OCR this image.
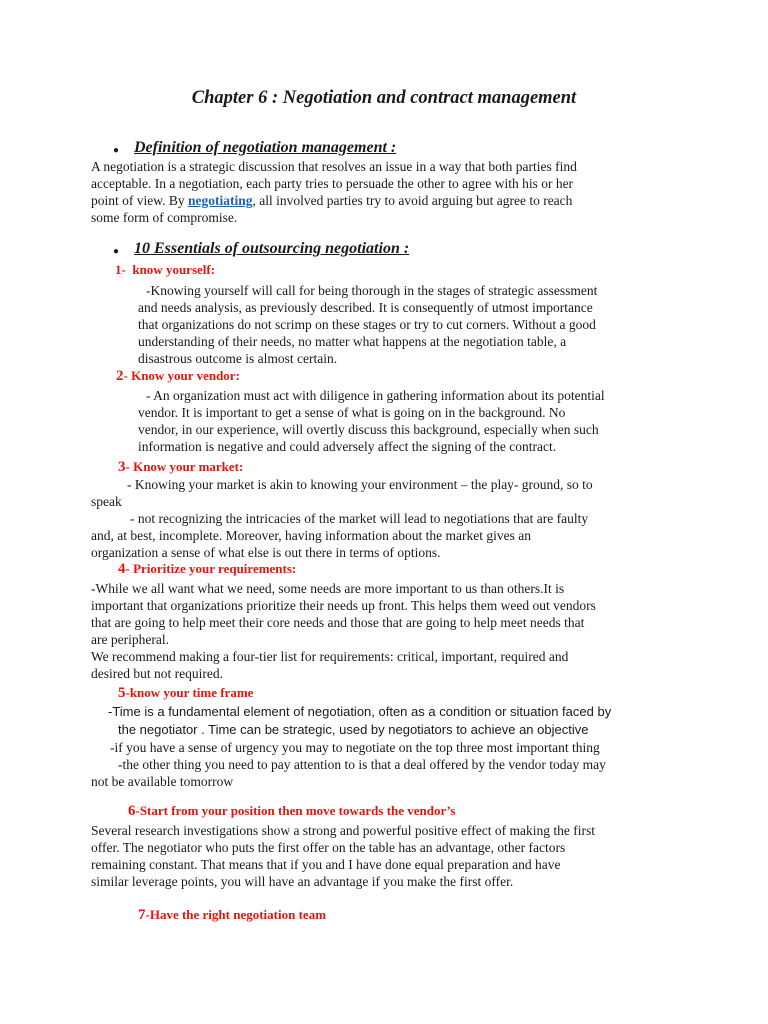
Chapter 6 : Negotiation and contract management
● Definition of negotiation management :
A negotiation is a strategic discussion that resolves an issue in a way that both parties find
acceptable. In a negotiation, each party tries to persuade the other to agree with his or her
point of view. By negotiating, all involved parties try to avoid arguing but agree to reach
some form of compromise.
● 10 Essentials of outsourcing negotiation :
1- know yourself:
-Knowing yourself will call for being thorough in the stages of strategic assessment
and needs analysis, as previously described. It is consequently of utmost importance
that organizations do not scrimp on these stages or try to cut corners. Without a good
understanding of their needs, no matter what happens at the negotiation table, a
disastrous outcome is almost certain.
2- Know your vendor:
- An organization must act with diligence in gathering information about its potential
vendor. It is important to get a sense of what is going on in the background. No
vendor, in our experience, will overtly discuss this background, especially when such
information is negative and could adversely affect the signing of the contract.
3- Know your market:
- Knowing your market is akin to knowing your environment – the play- ground, so to
speak
- not recognizing the intricacies of the market will lead to negotiations that are faulty
and, at best, incomplete. Moreover, having information about the market gives an
organization a sense of what else is out there in terms of options.
4- Prioritize your requirements:
-While we all want what we need, some needs are more important to us than others.It is
important that organizations prioritize their needs up front. This helps them weed out vendors
that are going to help meet their core needs and those that are going to help meet needs that
are peripheral.
We recommend making a four-tier list for requirements: critical, important, required and
desired but not required.
5-know your time frame
-Time is a fundamental element of negotiation, often as a condition or situation faced by
the negotiator . Time can be strategic, used by negotiators to achieve an objective
-if you have a sense of urgency you may to negotiate on the top three most important thing
-the other thing you need to pay attention to is that a deal offered by the vendor today may
not be available tomorrow
6-Start from your position then move towards the vendor’s
Several research investigations show a strong and powerful positive effect of making the first
offer. The negotiator who puts the first offer on the table has an advantage, other factors
remaining constant. That means that if you and I have done equal preparation and have
similar leverage points, you will have an advantage if you make the first offer.
7-Have the right negotiation team
